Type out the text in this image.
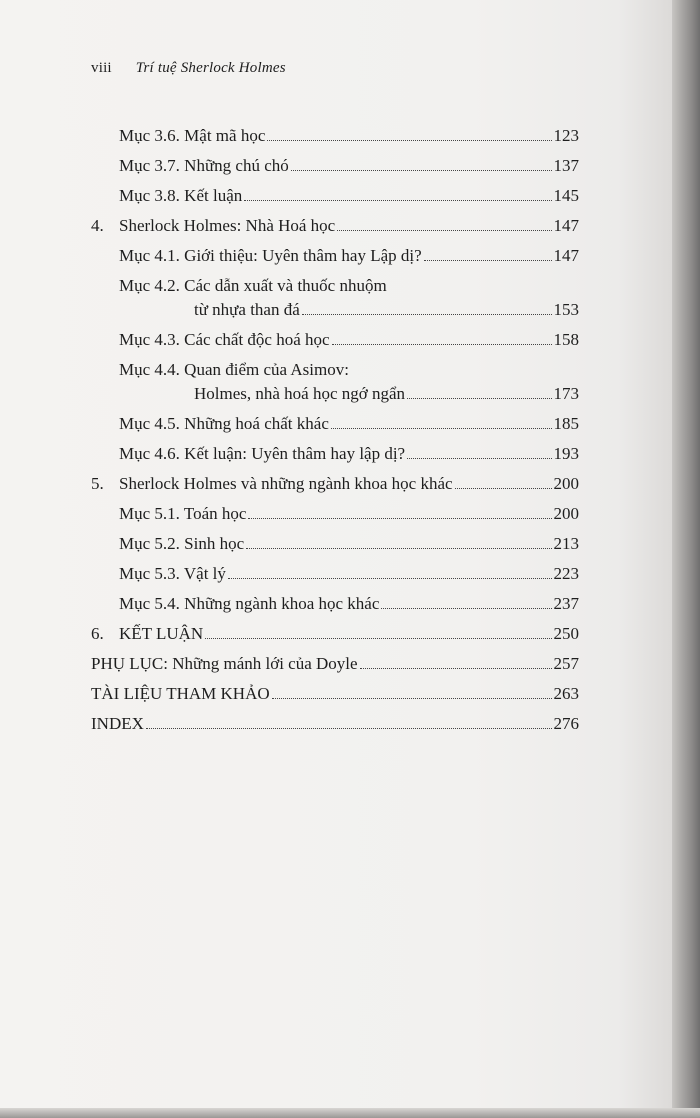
viii Trí tuệ Sherlock Holmes
Mục 3.6. Mật mã học	123
Mục 3.7. Những chú chó	137
Mục 3.8. Kết luận	145
4. Sherlock Holmes: Nhà Hoá học	147
Mục 4.1. Giới thiệu: Uyên thâm hay Lập dị?	147
Mục 4.2. Các dẫn xuất và thuốc nhuộm
từ nhựa than đá	153
Mục 4.3. Các chất độc hoá học	158
Mục 4.4. Quan điểm của Asimov:
Holmes, nhà hoá học ngớ ngẩn	173
Mục 4.5. Những hoá chất khác	185
Mục 4.6. Kết luận: Uyên thâm hay lập dị?	193
5. Sherlock Holmes và những ngành khoa học khác	200
Mục 5.1. Toán học	200
Mục 5.2. Sinh học	213
Mục 5.3. Vật lý	223
Mục 5.4. Những ngành khoa học khác	237
6. KẾT LUẬN	250
PHỤ LỤC: Những mánh lới của Doyle	257
TÀI LIỆU THAM KHẢO	263
INDEX	276
